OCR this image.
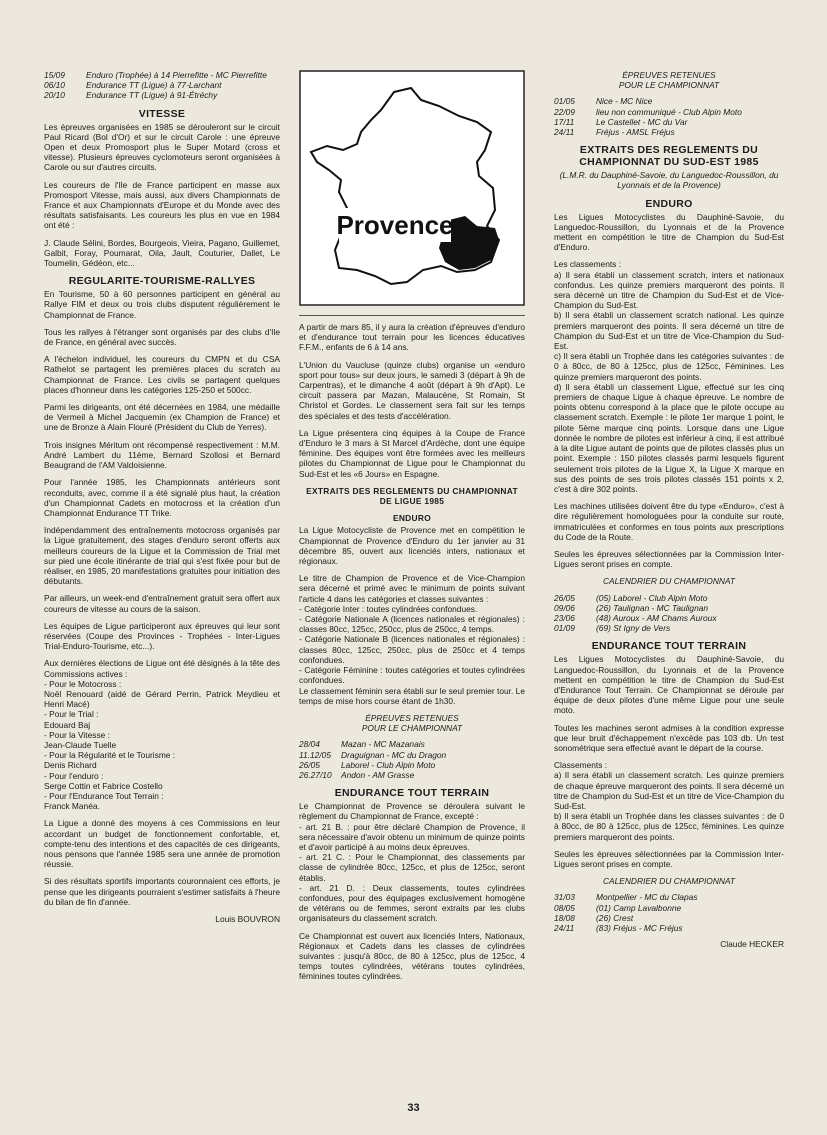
15/09	Enduro (Trophée) à 14 Pierrefitte - MC Pierrefitte
06/10	Endurance TT (Ligue) à 77-Larchant
20/10	Endurance TT (Ligue) à 91-Étréchy
VITESSE

Les épreuves organisées en 1985 se dérouleront sur le circuit Paul Ricard (Bol d'Or) et sur le circuit Carole : une épreuve Open et deux Promosport plus le Super Motard (cross et vitesse). Plusieurs épreuves cyclomoteurs seront organisées à Carole ou sur d'autres circuits.

Les coureurs de l'Ile de France participent en masse aux Promosport Vitesse, mais aussi, aux divers Championnats de France et aux Championnats d'Europe et du Monde avec des résultats satisfaisants. Les coureurs les plus en vue en 1984 ont été :

J. Claude Sélini, Bordes, Bourgeois, Vieira, Pagano, Guillemet, Galbit, Foray, Poumarat, Oila, Jault, Couturier, Dallet, Le Toumelin, Gédéon, etc...

REGULARITE-TOURISME-RALLYES

En Tourisme, 50 à 60 personnes participent en général au Rallye FIM et deux ou trois clubs disputent régulièrement le Championnat de France.

Tous les rallyes à l'étranger sont organisés par des clubs d'Ile de France, en général avec succès.

A l'échelon individuel, les coureurs du CMPN et du CSA Rathelot se partagent les premières places du scratch au Championnat de France. Les civils se partagent quelques places d'honneur dans les catégories 125-250 et 500cc.

Parmi les dirigeants, ont été décernées en 1984, une médaille de Vermeil à Michel Jacquemin (ex Champion de France) et une de Bronze à Alain Flouré (Président du Club de Yerres).

Trois insignes Méritum ont récompensé respectivement : M.M. André Lambert du 11ème, Bernard Szollosi et Bernard Beaugrand de l'AM Valdoisienne.

Pour l'année 1985, les Championnats antérieurs sont reconduits, avec, comme il a été signalé plus haut, la création d'un Championnat Cadets en motocross et la création d'un Championnat Endurance TT Trike.

Indépendamment des entraînements motocross organisés par la Ligue gratuitement, des stages d'enduro seront offerts aux meilleurs coureurs de la Ligue et la Commission de Trial met sur pied une école itinérante de trial qui s'est fixée pour but de réaliser, en 1985, 20 manifestations gratuites pour initiation des débutants.

Par ailleurs, un week-end d'entraînement gratuit sera offert aux coureurs de vitesse au cours de la saison.

Les équipes de Ligue participeront aux épreuves qui leur sont réservées (Coupe des Provinces - Trophées - Inter-Ligues Trial-Enduro-Tourisme, etc...).

Aux dernières élections de Ligue ont été désignés à la tête des Commissions actives :
- Pour le Motocross :
Noël Renouard (aidé de Gérard Perrin, Patrick Meydieu et Henri Macé)
- Pour le Trial :
Edouard Baj
- Pour la Vitesse :
Jean-Claude Tuelle
- Pour la Régularité et le Tourisme :
Denis Richard
- Pour l'enduro :
Serge Cottin et Fabrice Costello
- Pour l'Endurance Tout Terrain :
Franck Manéa.

La Ligue a donné des moyens à ces Commissions en leur accordant un budget de fonctionnement confortable, et, compte-tenu des intentions et des capacités de ces dirigeants, nous pensons que l'année 1985 sera une année de promotion réussie.

Si des résultats sportifs importants couronnaient ces efforts, je pense que les dirigeants pourraient s'estimer satisfaits à l'heure du bilan de fin d'année.

Louis BOUVRON
Provence

A partir de mars 85, il y aura la création d'épreuves d'enduro et d'endurance tout terrain pour les licences éducatives F.F.M., enfants de 6 à 14 ans.

L'Union du Vaucluse (quinze clubs) organise un «enduro sport pour tous» sur deux jours, le samedi 3 (départ à 9h de Carpentras), et le dimanche 4 août (départ à 9h d'Apt). Le circuit passera par Mazan, Malaucène, St Romain, St Christol et Gordes. Le classement sera fait sur les temps des spéciales et des tests d'accélération.

La Ligue présentera cinq équipes à la Coupe de France d'Enduro le 3 mars à St Marcel d'Ardèche, dont une équipe féminine. Des équipes vont être formées avec les meilleurs pilotes du Championnat de Ligue pour le Championnat du Sud-Est et les «6 Jours» en Espagne.

EXTRAITS DES REGLEMENTS DU CHAMPIONNAT DE LIGUE 1985
ENDURO

La Ligue Motocycliste de Provence met en compétition le Championnat de Provence d'Enduro du 1er janvier au 31 décembre 85, ouvert aux licenciés inters, nationaux et régionaux.

Le titre de Champion de Provence et de Vice-Champion sera décerné et primé avec le minimum de points suivant l'article 4 dans les catégories et classes suivantes :
- Catégorie Inter : toutes cylindrées confondues.
- Catégorie Nationale A (licences nationales et régionales) : classes 80cc, 125cc, 250cc, plus de 250cc, 4 temps.
- Catégorie Nationale B (licences nationales et régionales) : classes 80cc, 125cc, 250cc, plus de 250cc et 4 temps confondues.
- Catégorie Féminine : toutes catégories et toutes cylindrées confondues.
Le classement féminin sera établi sur le seul premier tour. Le temps de mise hors course étant de 1h30.

ÉPREUVES RETENUES
POUR LE CHAMPIONNAT
28/04	Mazan - MC Mazanais
11.12/05	Draguignan - MC du Dragon
26/05	Laborel - Club Alpin Moto
26.27/10	Andon - AM Grasse
ENDURANCE TOUT TERRAIN

Le Championnat de Provence se déroulera suivant le règlement du Championnat de France, excepté :
- art. 21 B. : pour être déclaré Champion de Provence, il sera nécessaire d'avoir obtenu un minimum de quinze points et d'avoir participé à au moins deux épreuves.
- art. 21 C. : Pour le Championnat, des classements par classe de cylindrée 80cc, 125cc, et plus de 125cc, seront établis.
- art. 21 D. : Deux classements, toutes cylindrées confondues, pour des équipages exclusivement homogène de vétérans ou de femmes, seront extraits par les clubs organisateurs du classement scratch.

Ce Championnat est ouvert aux licenciés Inters, Nationaux, Régionaux et Cadets dans les classes de cylindrées suivantes : jusqu'à 80cc, de 80 à 125cc, plus de 125cc, 4 temps toutes cylindrées, vétérans toutes cylindrées, féminines toutes cylindrées.

ÉPREUVES RETENUES
POUR LE CHAMPIONNAT
01/05	Nice - MC Nice
22/09	lieu non communiqué - Club Alpin Moto
17/11	Le Castellet - MC du Var
24/11	Fréjus - AMSL Fréjus
EXTRAITS DES REGLEMENTS DU CHAMPIONNAT DU SUD-EST 1985
(L.M.R. du Dauphiné-Savoie, du Languedoc-Roussillon, du Lyonnais et de la Provence)
ENDURO

Les Ligues Motocyclistes du Dauphiné-Savoie, du Languedoc-Roussillon, du Lyonnais et de la Provence mettent en compétition le titre de Champion du Sud-Est d'Enduro.

Les classements :
a) Il sera établi un classement scratch, inters et nationaux confondus. Les quinze premiers marqueront des points. Il sera décerné un titre de Champion du Sud-Est et de Vice-Champion du Sud-Est.
b) Il sera établi un classement scratch national. Les quinze premiers marqueront des points. Il sera décerné un titre de Champion du Sud-Est et un titre de Vice-Champion du Sud-Est.
c) Il sera établi un Trophée dans les catégories suivantes : de 0 à 80cc, de 80 à 125cc, plus de 125cc, Féminines. Les quinze premiers marqueront des points.
d) Il sera établi un classement Ligue, effectué sur les cinq premiers de chaque Ligue à chaque épreuve. Le nombre de points obtenu correspond à la place que le pilote occupe au classement scratch. Exemple : le pilote 1er marque 1 point, le pilote 5ème marque cinq points. Lorsque dans une Ligue donnée le nombre de pilotes est inférieur à cinq, il est attribué à la dite Ligue autant de points que de pilotes classés plus un point. Exemple : 150 pilotes classés parmi lesquels figurent seulement trois pilotes de la Ligue X, la Ligue X marque en sus des points de ses trois pilotes classés 151 points x 2, c'est à dire 302 points.

Les machines utilisées doivent être du type «Enduro», c'est à dire régulièrement homologuées pour la conduite sur route, immatriculées et conformes en tous points aux prescriptions du Code de la Route.

Seules les épreuves sélectionnées par la Commission Inter-Ligues seront prises en compte.

CALENDRIER DU CHAMPIONNAT
26/05	(05) Laborel - Club Alpin Moto
09/06	(26) Taulignan - MC Taulignan
23/06	(48) Auroux - AM Chams Auroux
01/09	(69) St Igny de Vers
ENDURANCE TOUT TERRAIN

Les Ligues Motocyclistes du Dauphiné-Savoie, du Languedoc-Roussillon, du Lyonnais et de la Provence mettent en compétition le titre de Champion du Sud-Est d'Endurance Tout Terrain. Ce Championnat se déroule par équipe de deux pilotes d'une même Ligue pour une seule moto.

Toutes les machines seront admises à la condition expresse que leur bruit d'échappement n'excède pas 103 db. Un test sonométrique sera effectué avant le départ de la course.

Classements :
a) Il sera établi un classement scratch. Les quinze premiers de chaque épreuve marqueront des points. Il sera décerné un titre de Champion du Sud-Est et un titre de Vice-Champion du Sud-Est.
b) Il sera établi un Trophée dans les classes suivantes : de 0 à 80cc, de 80 à 125cc, plus de 125cc, féminines. Les quinze premiers marqueront des points.

Seules les épreuves sélectionnées par la Commission Inter-Ligues seront prises en compte.

CALENDRIER DU CHAMPIONNAT
31/03	Montpellier - MC du Clapas
08/05	(01) Camp Lavalbonne
18/08	(26) Crest
24/11	(83) Fréjus - MC Fréjus
Claude HECKER
33
